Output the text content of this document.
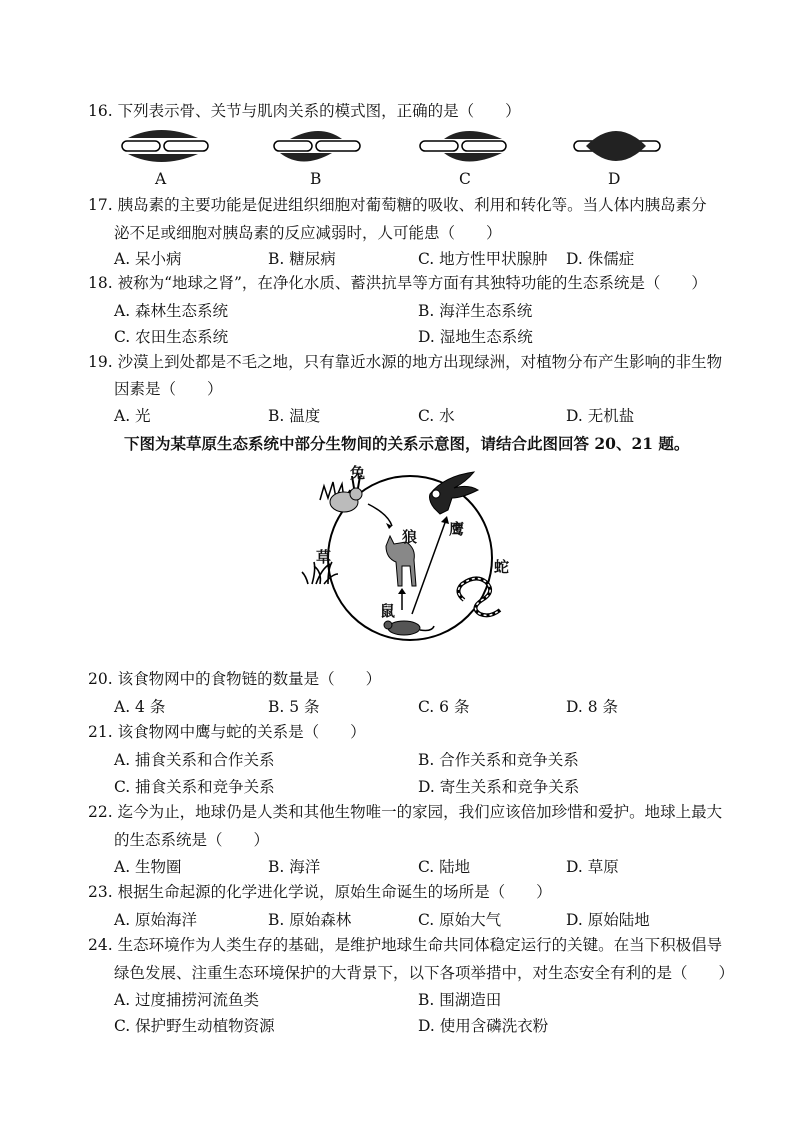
16. 下列表示骨、关节与肌肉关系的模式图，正确的是（　　）
A	B	C	D
17. 胰岛素的主要功能是促进组织细胞对葡萄糖的吸收、利用和转化等。当人体内胰岛素分
泌不足或细胞对胰岛素的反应减弱时，人可能患（　　）
A. 呆小病	B. 糖尿病	C. 地方性甲状腺肿 D. 侏儒症
18. 被称为“地球之肾”，在净化水质、蓄洪抗旱等方面有其独特功能的生态系统是（　　）
A. 森林生态系统	B. 海洋生态系统
C. 农田生态系统	D. 湿地生态系统
19. 沙漠上到处都是不毛之地，只有靠近水源的地方出现绿洲，对植物分布产生影响的非生物
因素是（　　）
A. 光	B. 温度	C. 水	D. 无机盐
下图为某草原生态系统中部分生物间的关系示意图，请结合此图回答 20、21 题。
兔
狼 鹰
草
蛇
鼠
20. 该食物网中的食物链的数量是（　　）
A. 4 条	B. 5 条	C. 6 条	D. 8 条
21. 该食物网中鹰与蛇的关系是（　　）
A. 捕食关系和合作关系	B. 合作关系和竞争关系
C. 捕食关系和竞争关系	D. 寄生关系和竞争关系
22. 迄今为止，地球仍是人类和其他生物唯一的家园，我们应该倍加珍惜和爱护。地球上最大
的生态系统是（　　）
A. 生物圈	B. 海洋	C. 陆地	D. 草原
23. 根据生命起源的化学进化学说，原始生命诞生的场所是（　　）
A. 原始海洋	B. 原始森林	C. 原始大气	D. 原始陆地
24. 生态环境作为人类生存的基础，是维护地球生命共同体稳定运行的关键。在当下积极倡导
绿色发展、注重生态环境保护的大背景下，以下各项举措中，对生态安全有利的是（　　）
A. 过度捕捞河流鱼类	B. 围湖造田
C. 保护野生动植物资源	D. 使用含磷洗衣粉
